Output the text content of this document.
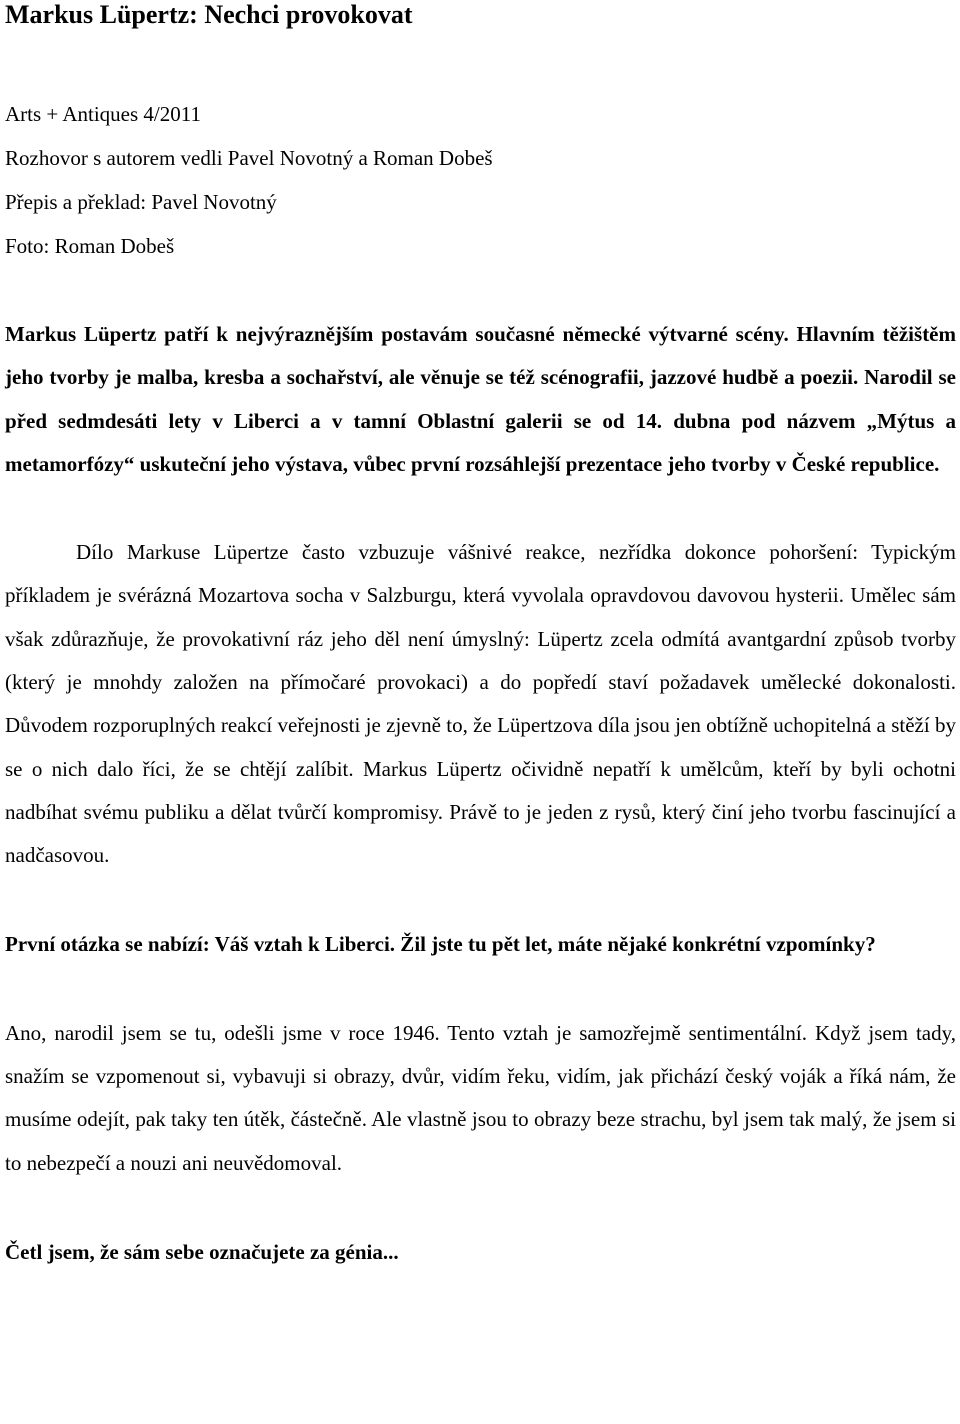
Markus Lüpertz: Nechci provokovat
Arts + Antiques 4/2011
Rozhovor s autorem vedli Pavel Novotný a Roman Dobeš
Přepis a překlad: Pavel Novotný
Foto: Roman Dobeš

Markus Lüpertz patří k nejvýraznějším postavám současné německé výtvarné scény. Hlavním těžištěm jeho tvorby je malba, kresba a sochařství, ale věnuje se též scénografii, jazzové hudbě a poezii. Narodil se před sedmdesáti lety v Liberci a v tamní Oblastní galerii se od 14. dubna pod názvem „Mýtus a metamorfózy“ uskuteční jeho výstava, vůbec první rozsáhlejší prezentace jeho tvorby v České republice.

Dílo Markuse Lüpertze často vzbuzuje vášnivé reakce, nezřídka dokonce pohoršení: Typickým příkladem je svérázná Mozartova socha v Salzburgu, která vyvolala opravdovou davovou hysterii. Umělec sám však zdůrazňuje, že provokativní ráz jeho děl není úmyslný: Lüpertz zcela odmítá avantgardní způsob tvorby (který je mnohdy založen na přímočaré provokaci) a do popředí staví požadavek umělecké dokonalosti. Důvodem rozporuplných reakcí veřejnosti je zjevně to, že Lüpertzova díla jsou jen obtížně uchopitelná a stěží by se o nich dalo říci, že se chtějí zalíbit. Markus Lüpertz očividně nepatří k umělcům, kteří by byli ochotni nadbíhat svému publiku a dělat tvůrčí kompromisy. Právě to je jeden z rysů, který činí jeho tvorbu fascinující a nadčasovou.

První otázka se nabízí: Váš vztah k Liberci. Žil jste tu pět let, máte nějaké konkrétní vzpomínky?

Ano, narodil jsem se tu, odešli jsme v roce 1946. Tento vztah je samozřejmě sentimentální. Když jsem tady, snažím se vzpomenout si, vybavuji si obrazy, dvůr, vidím řeku, vidím, jak přichází český voják a říká nám, že musíme odejít, pak taky ten útěk, částečně. Ale vlastně jsou to obrazy beze strachu, byl jsem tak malý, že jsem si to nebezpečí a nouzi ani neuvědomoval.

Četl jsem, že sám sebe označujete za génia...
